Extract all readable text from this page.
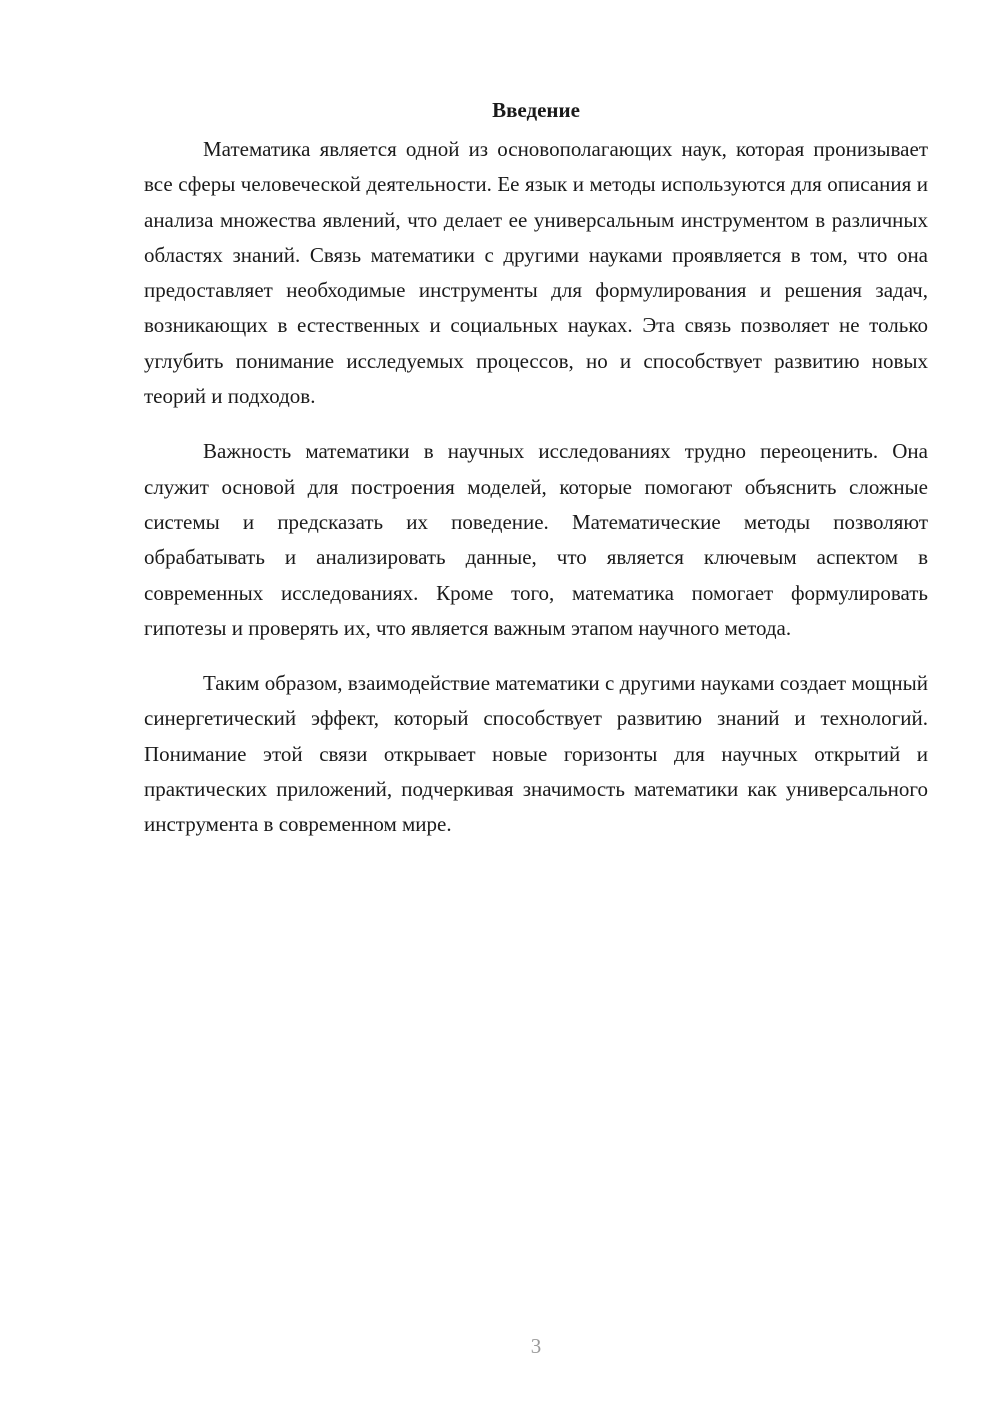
Введение

Математика является одной из основополагающих наук, которая пронизывает все сферы человеческой деятельности. Ее язык и методы используются для описания и анализа множества явлений, что делает ее универсальным инструментом в различных областях знаний. Связь математики с другими науками проявляется в том, что она предоставляет необходимые инструменты для формулирования и решения задач, возникающих в естественных и социальных науках. Эта связь позволяет не только углубить понимание исследуемых процессов, но и способствует развитию новых теорий и подходов.

Важность математики в научных исследованиях трудно переоценить. Она служит основой для построения моделей, которые помогают объяснить сложные системы и предсказать их поведение. Математические методы позволяют обрабатывать и анализировать данные, что является ключевым аспектом в современных исследованиях. Кроме того, математика помогает формулировать гипотезы и проверять их, что является важным этапом научного метода.

Таким образом, взаимодействие математики с другими науками создает мощный синергетический эффект, который способствует развитию знаний и технологий. Понимание этой связи открывает новые горизонты для научных открытий и практических приложений, подчеркивая значимость математики как универсального инструмента в современном мире.

3
